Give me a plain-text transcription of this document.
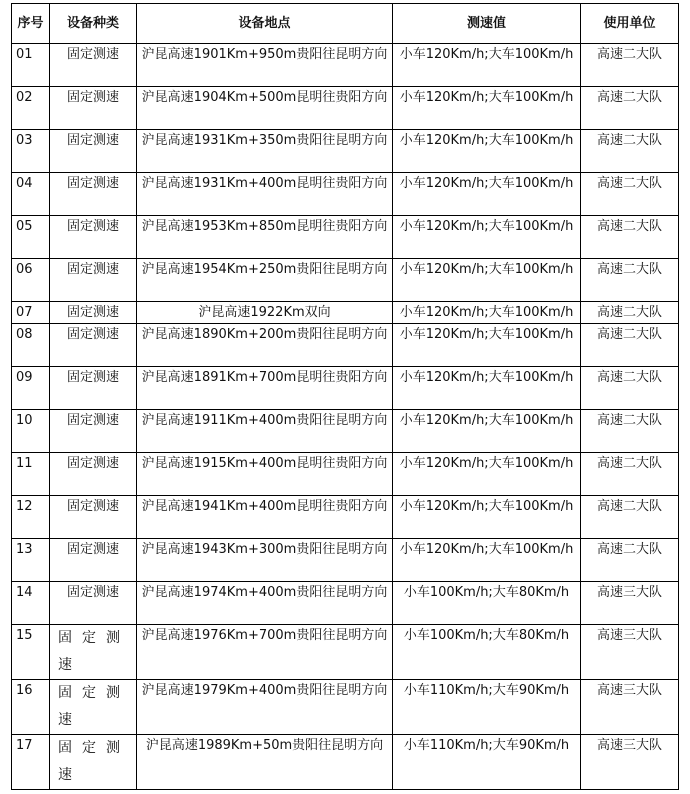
序号	设备种类	设备地点	测速值	使用单位
01	固定测速	沪昆高速1901Km+950m贵阳往昆明方向	小车120Km/h;大车100Km/h	高速二大队
02	固定测速	沪昆高速1904Km+500m昆明往贵阳方向	小车120Km/h;大车100Km/h	高速二大队
03	固定测速	沪昆高速1931Km+350m贵阳往昆明方向	小车120Km/h;大车100Km/h	高速二大队
04	固定测速	沪昆高速1931Km+400m昆明往贵阳方向	小车120Km/h;大车100Km/h	高速二大队
05	固定测速	沪昆高速1953Km+850m昆明往贵阳方向	小车120Km/h;大车100Km/h	高速二大队
06	固定测速	沪昆高速1954Km+250m贵阳往昆明方向	小车120Km/h;大车100Km/h	高速二大队
07	固定测速	沪昆高速1922Km双向	小车120Km/h;大车100Km/h	高速二大队
08	固定测速	沪昆高速1890Km+200m贵阳往昆明方向	小车120Km/h;大车100Km/h	高速二大队
09	固定测速	沪昆高速1891Km+700m昆明往贵阳方向	小车120Km/h;大车100Km/h	高速二大队
10	固定测速	沪昆高速1911Km+400m贵阳往昆明方向	小车120Km/h;大车100Km/h	高速二大队
11	固定测速	沪昆高速1915Km+400m昆明往贵阳方向	小车120Km/h;大车100Km/h	高速二大队
12	固定测速	沪昆高速1941Km+400m昆明往贵阳方向	小车120Km/h;大车100Km/h	高速二大队
13	固定测速	沪昆高速1943Km+300m贵阳往昆明方向	小车120Km/h;大车100Km/h	高速二大队
14	固定测速	沪昆高速1974Km+400m贵阳往昆明方向	小车100Km/h;大车80Km/h	高速三大队
15	固定测速	沪昆高速1976Km+700m贵阳往昆明方向	小车100Km/h;大车80Km/h	高速三大队
16	固定测速	沪昆高速1979Km+400m贵阳往昆明方向	小车110Km/h;大车90Km/h	高速三大队
17	固定测速	沪昆高速1989Km+50m贵阳往昆明方向	小车110Km/h;大车90Km/h	高速三大队
